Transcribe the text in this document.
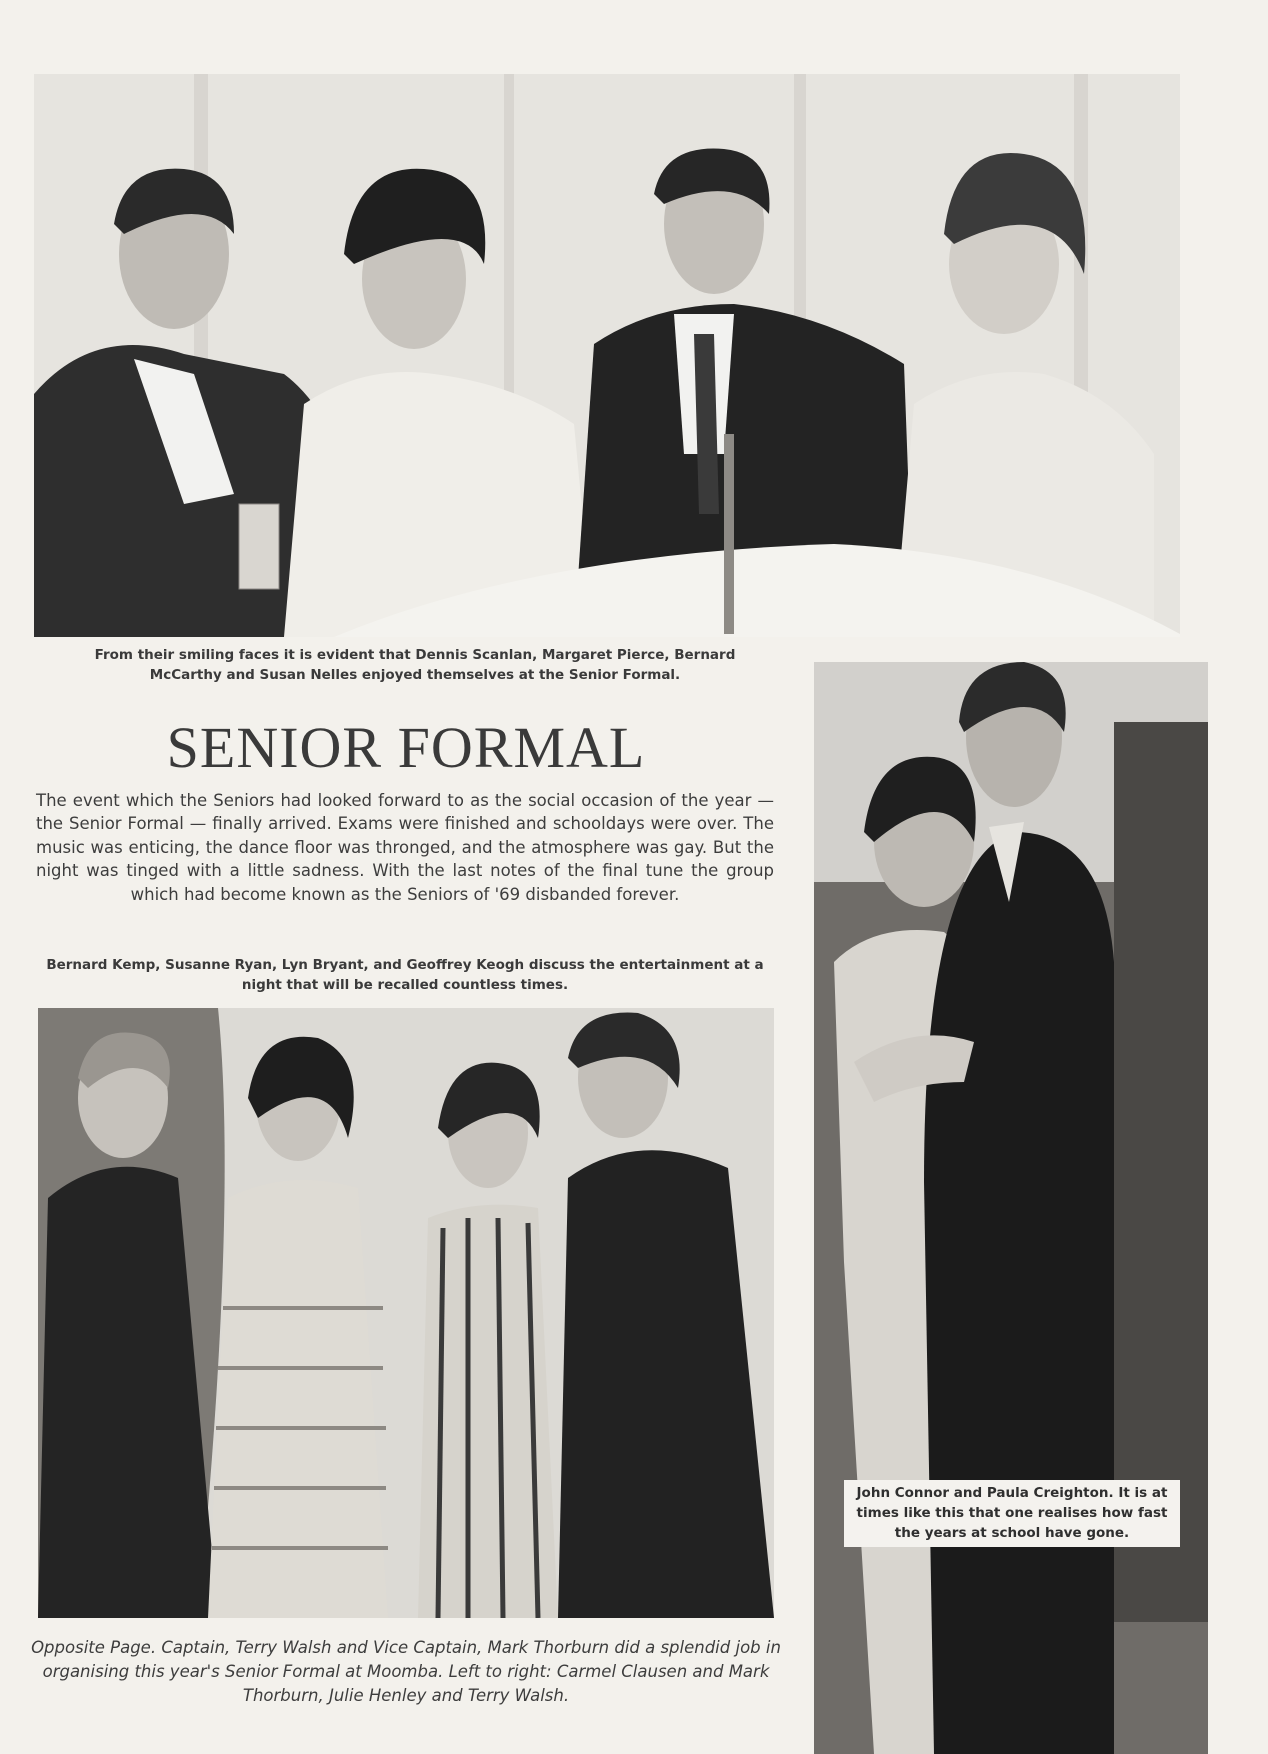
From their smiling faces it is evident that Dennis Scanlan, Margaret Pierce, Bernard McCarthy and Susan Nelles enjoyed themselves at the Senior Formal.
SENIOR FORMAL
The event which the Seniors had looked forward to as the social occasion of the year — the Senior Formal — finally arrived. Exams were finished and schooldays were over. The music was enticing, the dance floor was thronged, and the atmosphere was gay. But the night was tinged with a little sadness. With the last notes of the final tune the group which had become known as the Seniors of '69 disbanded forever.
Bernard Kemp, Susanne Ryan, Lyn Bryant, and Geoffrey Keogh discuss the entertainment at a night that will be recalled countless times.
Opposite Page. Captain, Terry Walsh and Vice Captain, Mark Thorburn did a splendid job in organising this year's Senior Formal at Moomba. Left to right: Carmel Clausen and Mark Thorburn, Julie Henley and Terry Walsh.
John Connor and Paula Creighton. It is at times like this that one realises how fast the years at school have gone.
